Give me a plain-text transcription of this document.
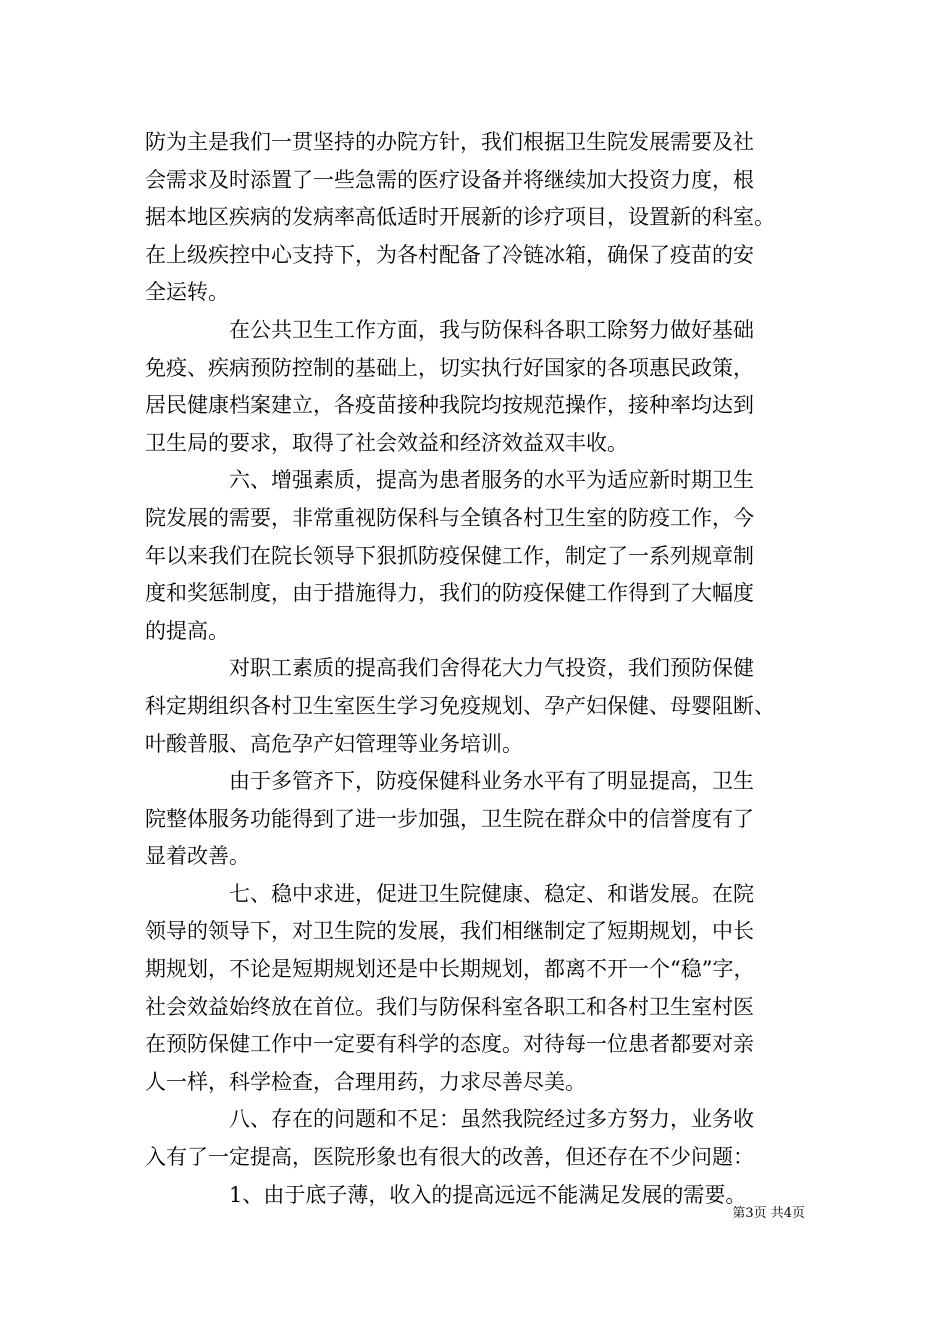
防为主是我们一贯坚持的办院方针，我们根据卫生院发展需要及社
会需求及时添置了一些急需的医疗设备并将继续加大投资力度，根
据本地区疾病的发病率高低适时开展新的诊疗项目，设置新的科室。
在上级疾控中心支持下，为各村配备了冷链冰箱，确保了疫苗的安
全运转。

　　　　在公共卫生工作方面，我与防保科各职工除努力做好基础
免疫、疾病预防控制的基础上，切实执行好国家的各项惠民政策，
居民健康档案建立，各疫苗接种我院均按规范操作，接种率均达到
卫生局的要求，取得了社会效益和经济效益双丰收。

　　　　六、增强素质，提高为患者服务的水平为适应新时期卫生
院发展的需要，非常重视防保科与全镇各村卫生室的防疫工作，今
年以来我们在院长领导下狠抓防疫保健工作，制定了一系列规章制
度和奖惩制度，由于措施得力，我们的防疫保健工作得到了大幅度
的提高。

　　　　对职工素质的提高我们舍得花大力气投资，我们预防保健
科定期组织各村卫生室医生学习免疫规划、孕产妇保健、母婴阻断、
叶酸普服、高危孕产妇管理等业务培训。

　　　　由于多管齐下，防疫保健科业务水平有了明显提高，卫生
院整体服务功能得到了进一步加强，卫生院在群众中的信誉度有了
显着改善。

　　　　七、稳中求进，促进卫生院健康、稳定、和谐发展。在院
领导的领导下，对卫生院的发展，我们相继制定了短期规划，中长
期规划，不论是短期规划还是中长期规划，都离不开一个“稳”字，
社会效益始终放在首位。我们与防保科室各职工和各村卫生室村医
在预防保健工作中一定要有科学的态度。对待每一位患者都要对亲
人一样，科学检查，合理用药，力求尽善尽美。

　　　　八、存在的问题和不足：虽然我院经过多方努力，业务收
入有了一定提高，医院形象也有很大的改善，但还存在不少问题：

　　　　1、由于底子薄，收入的提高远远不能满足发展的需要。

第3页 共4页
